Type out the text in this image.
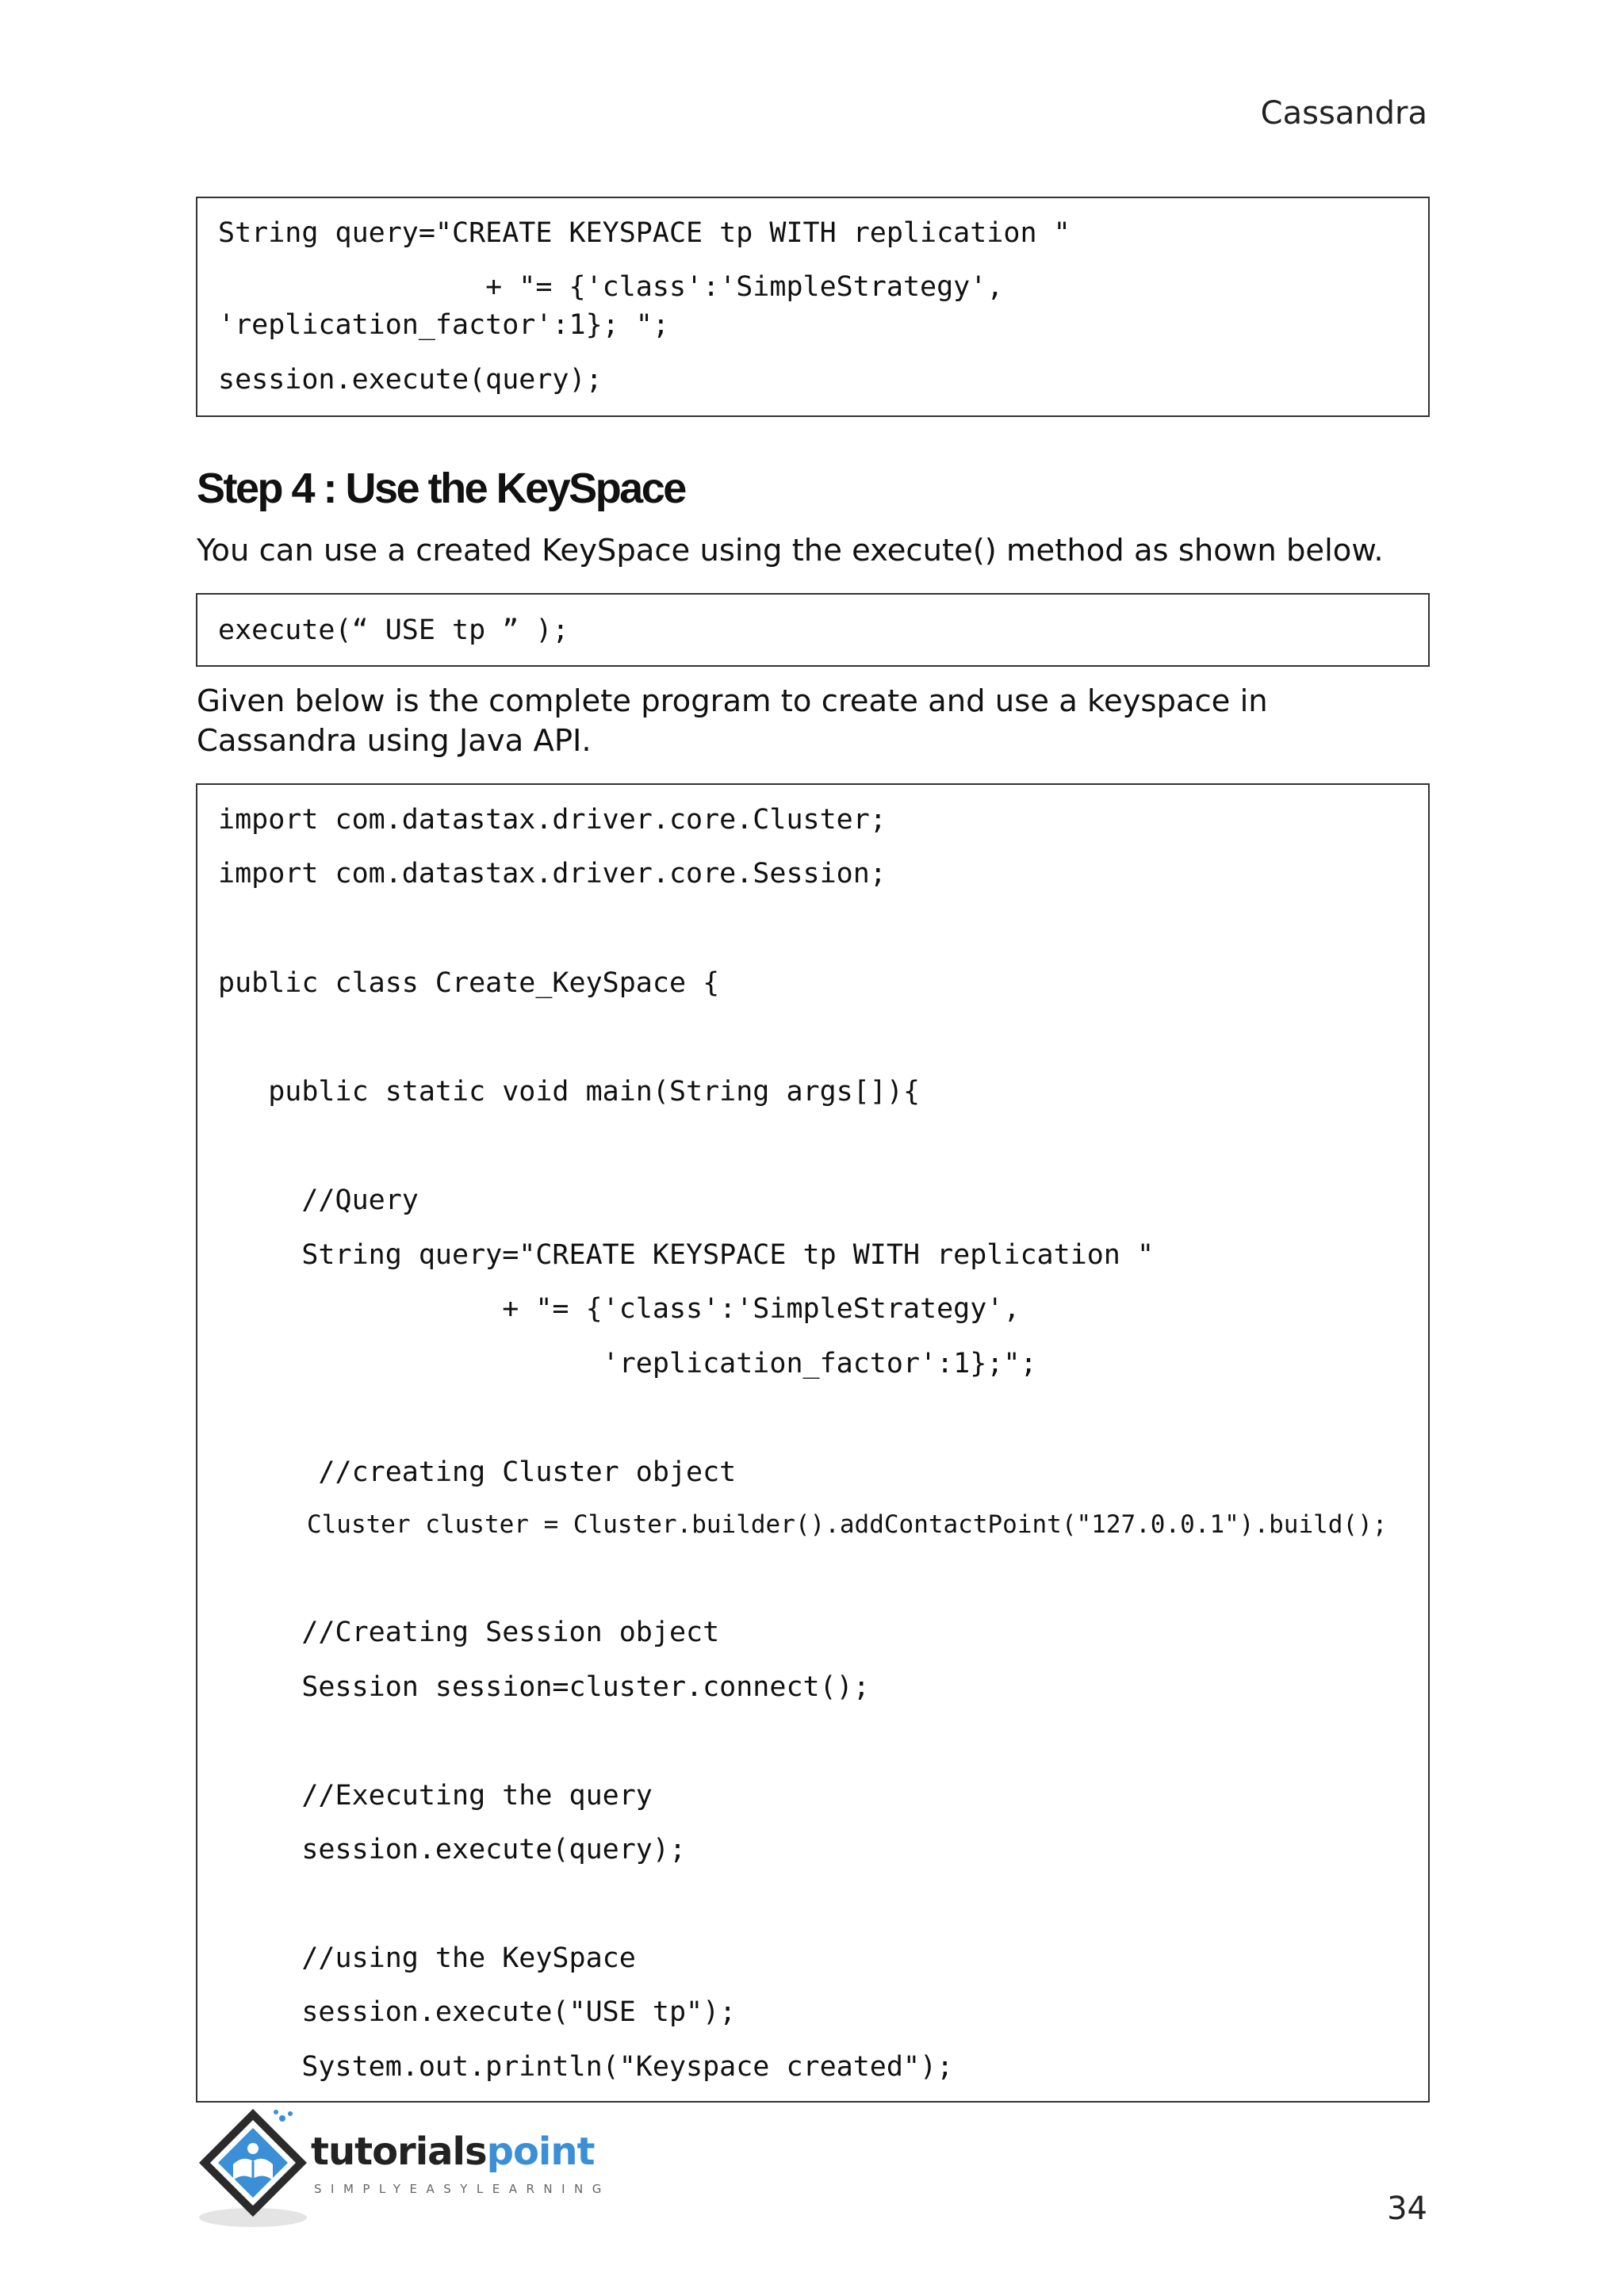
Cassandra
String query="CREATE KEYSPACE tp WITH replication "
+ "= {'class':'SimpleStrategy',
'replication_factor':1}; ";
session.execute(query);
Step 4 : Use the KeySpace
You can use a created KeySpace using the execute() method as shown below.
execute(“ USE tp ” );
Given below is the complete program to create and use a keyspace in Cassandra using Java API.
import com.datastax.driver.core.Cluster;
import com.datastax.driver.core.Session;
public class Create_KeySpace {
public static void main(String args[]){
//Query
String query="CREATE KEYSPACE tp WITH replication "
+ "= {'class':'SimpleStrategy',
'replication_factor':1};";
//creating Cluster object
Cluster cluster = Cluster.builder().addContactPoint("127.0.0.1").build();
//Creating Session object
Session session=cluster.connect();
//Executing the query
session.execute(query);
//using the KeySpace
session.execute("USE tp");
System.out.println("Keyspace created");
tutorialspoint
SIMPLYEASYLEARNING
34
